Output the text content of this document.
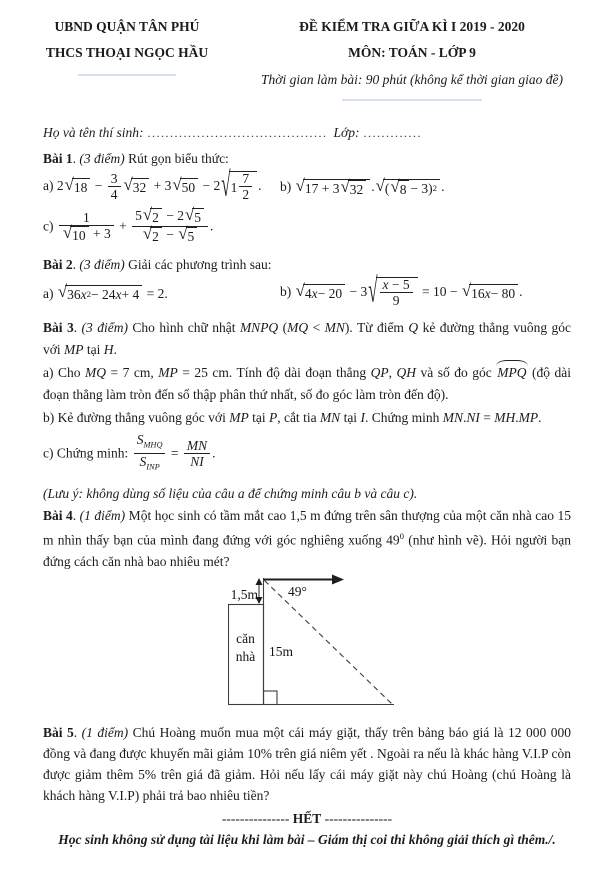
UBND QUẬN TÂN PHÚ
THCS THOẠI NGỌC HẦU
ĐỀ KIỂM TRA GIỮA KÌ I 2019 - 2020
MÔN: TOÁN - LỚP 9
Thời gian làm bài: 90 phút (không kể thời gian giao đề)
Họ và tên thí sinh: ........................................ Lớp: .............
Bài 1. (3 điểm) Rút gọn biểu thức:
a) 2 √ $18 - \frac{3}{4}$ √ 32 + 3 √ 50 − 2 √ 1
7
2
.	b) √ 17 + 3 √ 32 . √ ( √ 8 − 3) 2 .
$c) \frac{1}{√ 10 + 3} + \frac{5 √ 2 - 2 √ 5}{√ 2 - √ 5}$ .
Bài 2. (3 điểm) Giải các phương trình sau:
a) √ 36 x 2 − 24 x + 4 = 2.	b) √ 4 x − 20 − 3 √ x − 5
9
= 10 − √ 16 x − 80 .
Bài 3. (3 điểm) Cho hình chữ nhật MNPQ (MQ < MN). Từ điểm Q kẻ đường thẳng vuông góc với MP tại H.
a) Cho MQ = 7 cm, MP = 25 cm. Tính độ dài đoạn thẳng QP, QH và số đo góc MPQ (độ dài đoạn thẳng làm tròn đến số thập phân thứ nhất, số đo góc làm tròn đến độ).
b) Kẻ đường thẳng vuông góc với MP tại P, cắt tia MN tại I. Chứng minh MN.NI = MH.MP.
c) Chứng minh:
$S_{MHQ}$
$S_{INP}$
= $\frac{MN}{NI}$ .
(Lưu ý: không dùng số liệu của câu a để chứng minh câu b và câu c).
Bài 4. (1 điểm) Một học sinh có tầm mắt cao 1,5 m đứng trên sân thượng của một căn nhà cao 15 m nhìn thấy bạn của mình đang đứng với góc nghiêng xuống $49^0$ (như hình vẽ). Hỏi người bạn đứng cách căn nhà bao nhiêu mét?
1,5m 49°
căn
nhà 15m
Bài 5. (1 điểm) Chú Hoàng muốn mua một cái máy giặt, thấy trên bảng báo giá là 12 000 000 đồng và đang được khuyến mãi giảm 10% trên giá niêm yết . Ngoài ra nếu là khác hàng V.I.P còn được giảm thêm 5% trên giá đã giảm. Hỏi nếu lấy cái máy giặt này chú Hoàng (chú Hoàng là khách hàng V.I.P) phải trả bao nhiêu tiền?
--------------- HẾT ---------------
Học sinh không sử dụng tài liệu khi làm bài – Giám thị coi thi không giải thích gì thêm./.
